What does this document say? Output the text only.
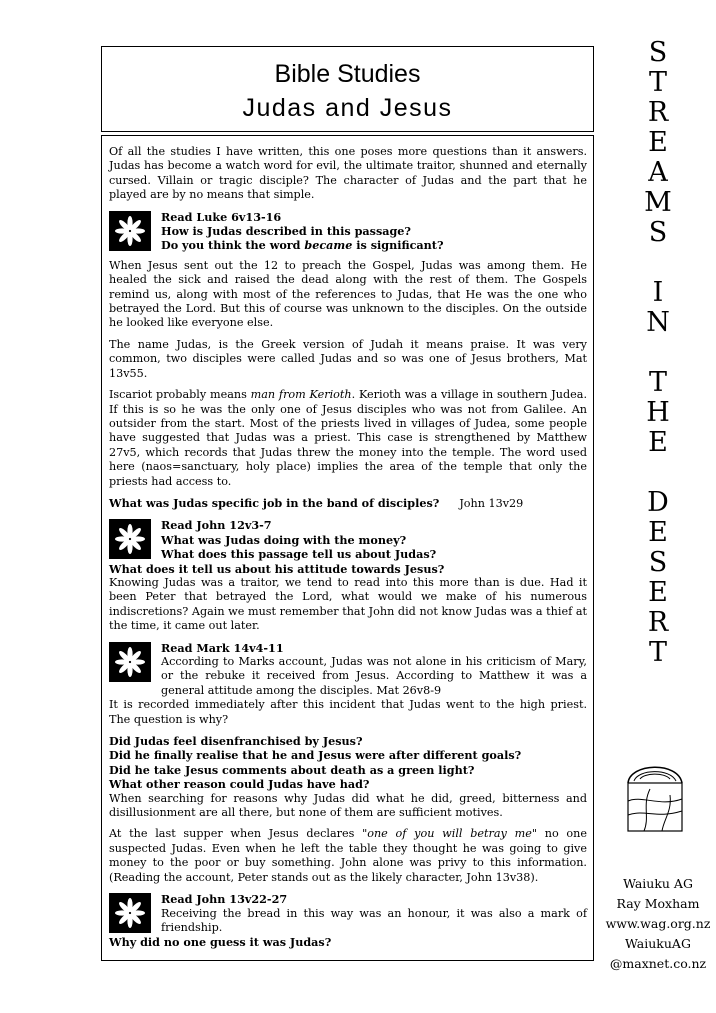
Bible Studies
Judas and Jesus

Of all the studies I have written, this one poses more questions than it answers. Judas has become a watch word for evil, the ultimate traitor, shunned and eternally cursed. Villain or tragic disciple? The character of Judas and the part that he played are by no means that simple.

Read Luke 6v13-16
How is Judas described in this passage?
Do you think the word became is significant?

When Jesus sent out the 12 to preach the Gospel, Judas was among them. He healed the sick and raised the dead along with the rest of them. The Gospels remind us, along with most of the references to Judas, that He was the one who betrayed the Lord. But this of course was unknown to the disciples. On the outside he looked like everyone else.

The name Judas, is the Greek version of Judah it means praise. It was very common, two disciples were called Judas and so was one of Jesus brothers, Mat 13v55.

Iscariot probably means man from Kerioth. Kerioth was a village in southern Judea. If this is so he was the only one of Jesus disciples who was not from Galilee. An outsider from the start. Most of the priests lived in villages of Judea, some people have suggested that Judas was a priest. This case is strengthened by Matthew 27v5, which records that Judas threw the money into the temple. The word used here (naos=sanctuary, holy place) implies the area of the temple that only the priests had access to.

What was Judas specific job in the band of disciples? John 13v29

Read John 12v3-7
What was Judas doing with the money?
What does this passage tell us about Judas?
What does it tell us about his attitude towards Jesus?

Knowing Judas was a traitor, we tend to read into this more than is due. Had it been Peter that betrayed the Lord, what would we make of his numerous indiscretions? Again we must remember that John did not know Judas was a thief at the time, it came out later.

Read Mark 14v4-11
According to Marks account, Judas was not alone in his criticism of Mary, or the rebuke it received from Jesus. According to Matthew it was a general attitude among the disciples. Mat 26v8-9

It is recorded immediately after this incident that Judas went to the high priest. The question is why?

Did Judas feel disenfranchised by Jesus?
Did he finally realise that he and Jesus were after different goals?
Did he take Jesus comments about death as a green light?
What other reason could Judas have had?

When searching for reasons why Judas did what he did, greed, bitterness and disillusionment are all there, but none of them are sufficient motives.

At the last supper when Jesus declares "one of you will betray me" no one suspected Judas. Even when he left the table they thought he was going to give money to the poor or buy something. John alone was privy to this information. (Reading the account, Peter stands out as the likely character, John 13v38).

Read John 13v22-27
Receiving the bread in this way was an honour, it was also a mark of friendship.
Why did no one guess it was Judas?
S
T
R
E
A
M
S
I
N
T
H
E
D
E
S
E
R
T
Waiuku AG
Ray Moxham
www.wag.org.nz
WaiukuAG
@maxnet.co.nz
